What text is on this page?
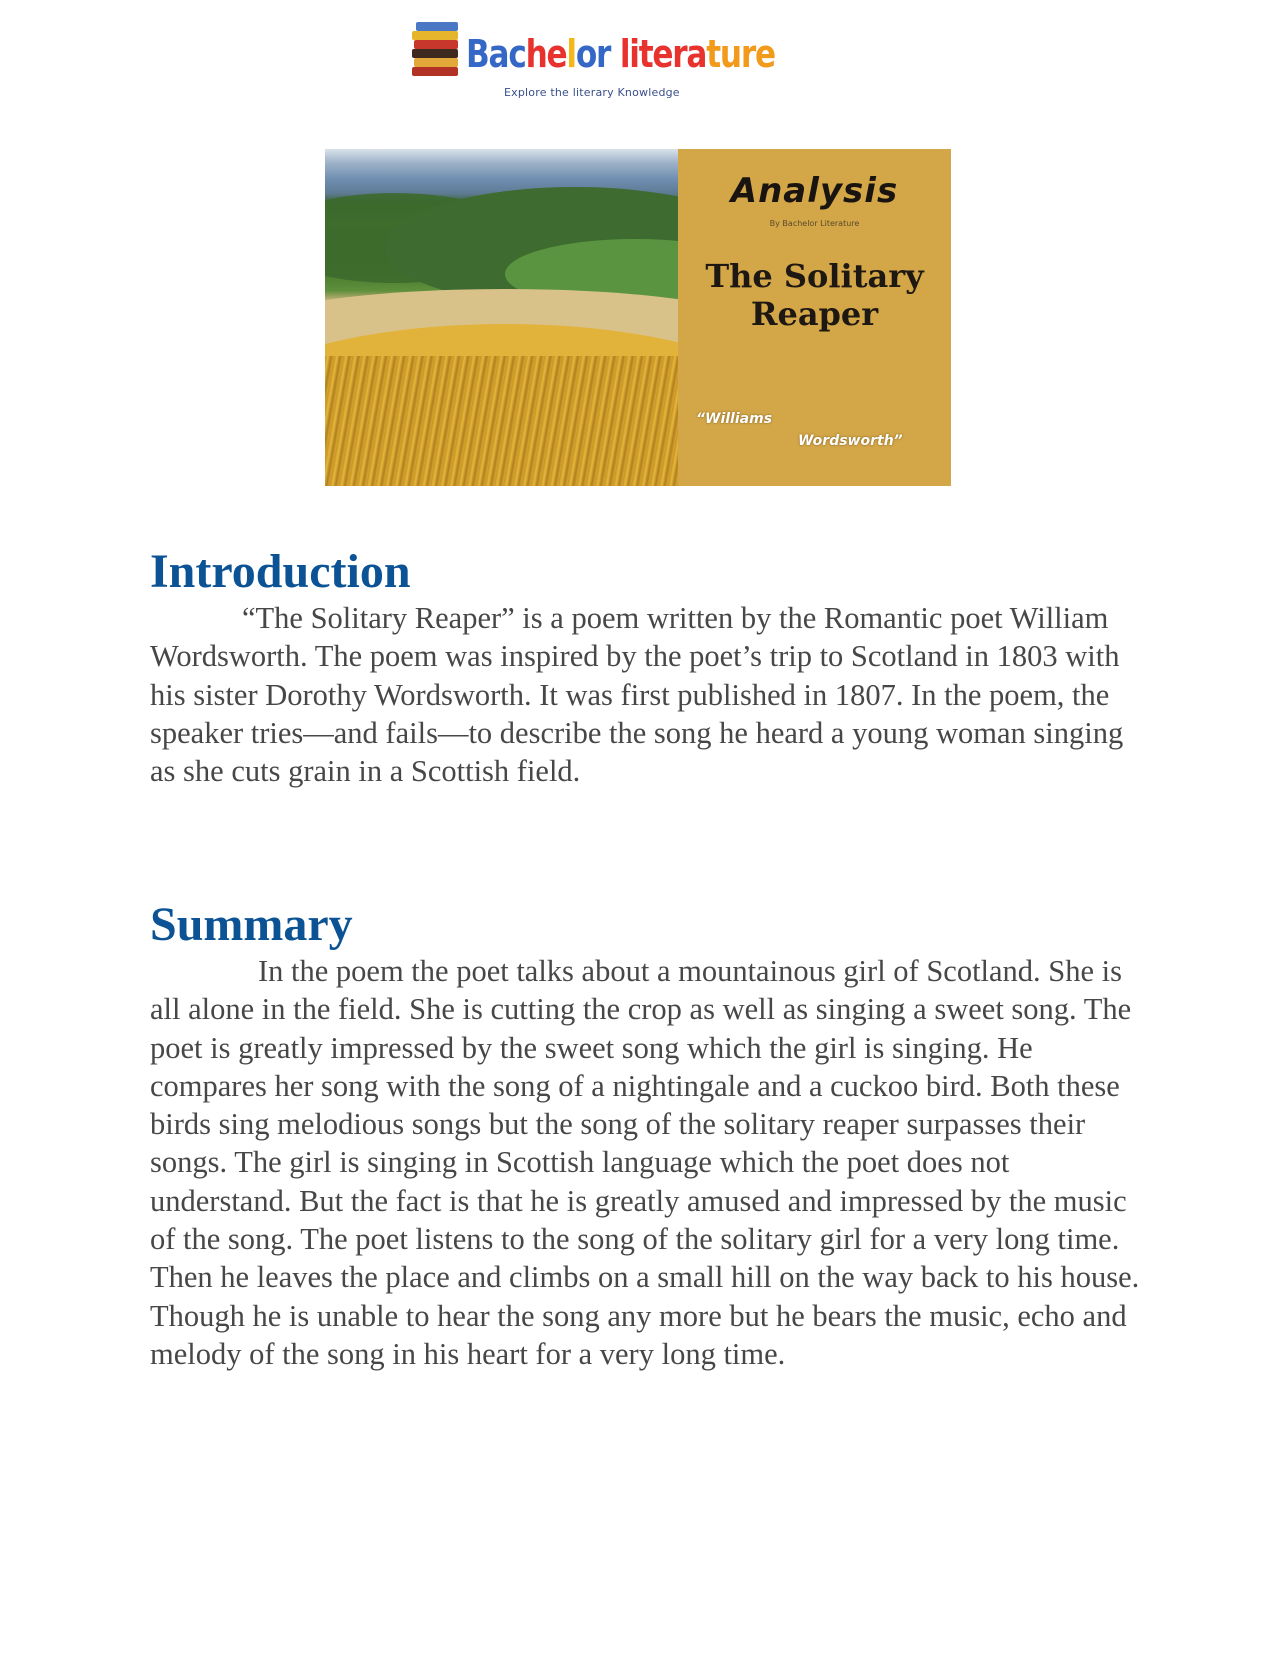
Bachelor literature
Explore the literary Knowledge
Analysis
By Bachelor Literature
The Solitary
Reaper
“Williams
Wordsworth”
Introduction

“The Solitary Reaper” is a poem written by the Romantic poet William Wordsworth. The poem was inspired by the poet’s trip to Scotland in 1803 with his sister Dorothy Wordsworth. It was first published in 1807. In the poem, the speaker tries—and fails—to describe the song he heard a young woman singing as she cuts grain in a Scottish field.

Summary

In the poem the poet talks about a mountainous girl of Scotland. She is all alone in the field. She is cutting the crop as well as singing a sweet song. The poet is greatly impressed by the sweet song which the girl is singing. He compares her song with the song of a nightingale and a cuckoo bird. Both these birds sing melodious songs but the song of the solitary reaper surpasses their songs. The girl is singing in Scottish language which the poet does not understand. But the fact is that he is greatly amused and impressed by the music of the song. The poet listens to the song of the solitary girl for a very long time. Then he leaves the place and climbs on a small hill on the way back to his house. Though he is unable to hear the song any more but he bears the music, echo and melody of the song in his heart for a very long time.
